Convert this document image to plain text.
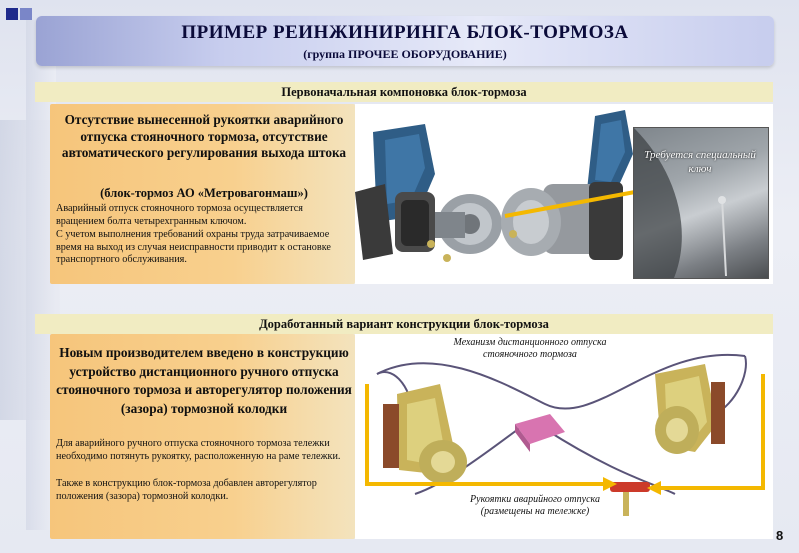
ПРИМЕР РЕИНЖИНИРИНГА БЛОК-ТОРМОЗА
(группа ПРОЧЕЕ ОБОРУДОВАНИЕ)
Первоначальная компоновка блок-тормоза
Отсутствие вынесенной рукоятки аварийного отпуска стояночного тормоза, отсутствие автоматического регулирования выхода штока
(блок-тормоз АО «Метровагонмаш»)
Аварийный отпуск стояночного тормоза осуществляется вращением болта четырехгранным ключом.
С учетом выполнения требований охраны труда затрачиваемое время на выход из случая неисправности приводит к остановке транспортного обслуживания.
Требуется специальный ключ
Доработанный вариант конструкции блок-тормоза
Новым производителем введено в конструкцию устройство дистанционного ручного отпуска стояночного тормоза и авторегулятор положения (зазора) тормозной колодки
Для аварийного ручного отпуска стояночного тормоза тележки необходимо потянуть рукоятку, расположенную на раме тележки.
Также в конструкцию блок-тормоза добавлен авторегулятор положения (зазора) тормозной колодки.
Механизм дистанционного отпуска стояночного тормоза
Рукоятки аварийного отпуска (размещены на тележке)
8
